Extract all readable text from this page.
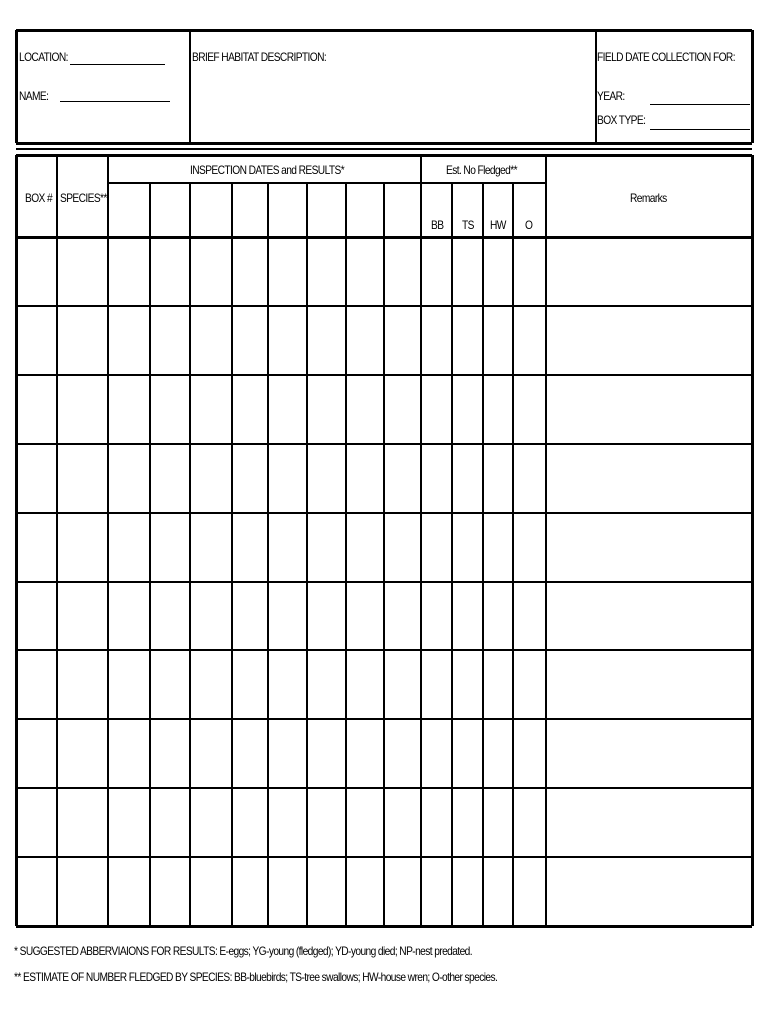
LOCATION:
NAME:
BRIEF HABITAT DESCRIPTION:	FIELD DATE COLLECTION FOR:
YEAR:
BOX TYPE:
BOX # SPECIES**
INSPECTION DATES and RESULTS*	Est. No Fledged**
BB TS HW O
Remarks
* SUGGESTED ABBERVIAIONS FOR RESULTS: E-eggs; YG-young (fledged); YD-young died; NP-nest predated.
** ESTIMATE OF NUMBER FLEDGED BY SPECIES: BB-bluebirds; TS-tree swallows; HW-house wren; O-other species.
